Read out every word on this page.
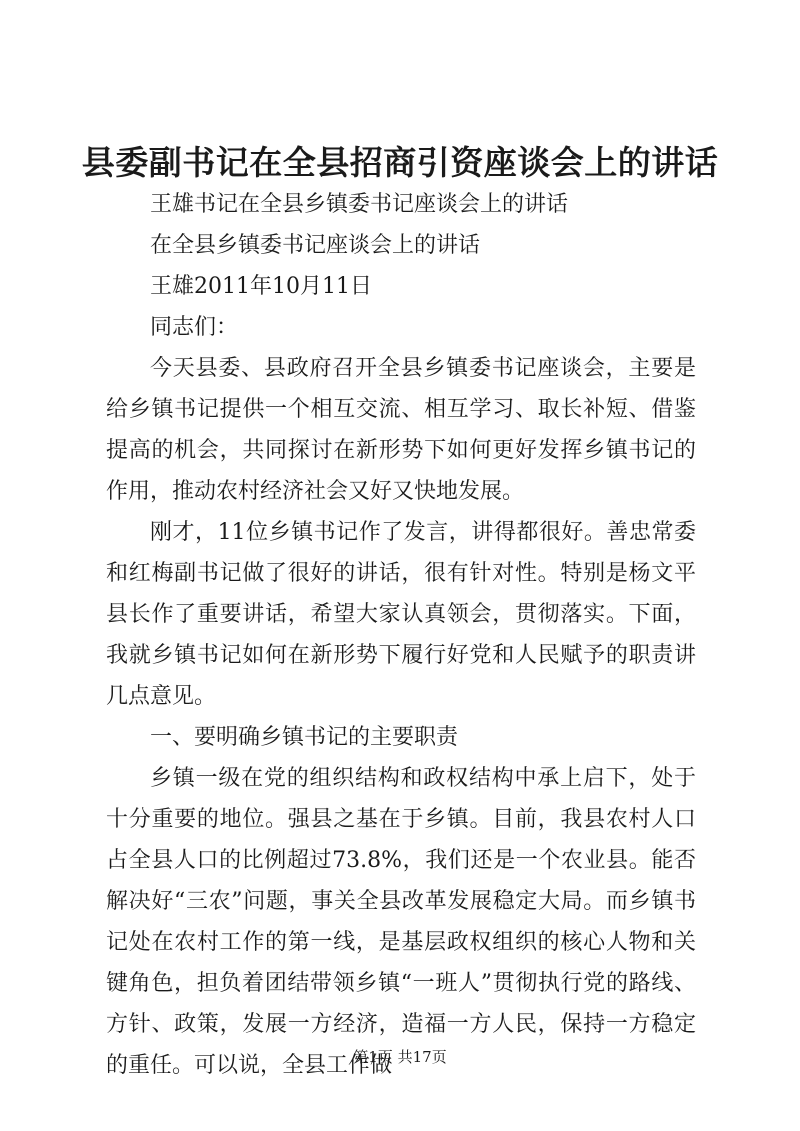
县委副书记在全县招商引资座谈会上的讲话

王雄书记在全县乡镇委书记座谈会上的讲话

在全县乡镇委书记座谈会上的讲话

王雄2011年10月11日

同志们：

今天县委、县政府召开全县乡镇委书记座谈会，主要是给乡镇书记提供一个相互交流、相互学习、取长补短、借鉴提高的机会，共同探讨在新形势下如何更好发挥乡镇书记的作用，推动农村经济社会又好又快地发展。

刚才，11位乡镇书记作了发言，讲得都很好。善忠常委和红梅副书记做了很好的讲话，很有针对性。特别是杨文平县长作了重要讲话，希望大家认真领会，贯彻落实。下面，我就乡镇书记如何在新形势下履行好党和人民赋予的职责讲几点意见。

一、要明确乡镇书记的主要职责

乡镇一级在党的组织结构和政权结构中承上启下，处于十分重要的地位。强县之基在于乡镇。目前，我县农村人口占全县人口的比例超过73.8%，我们还是一个农业县。能否解决好“三农”问题，事关全县改革发展稳定大局。而乡镇书记处在农村工作的第一线，是基层政权组织的核心人物和关键角色，担负着团结带领乡镇“一班人”贯彻执行党的路线、方针、政策，发展一方经济，造福一方人民，保持一方稳定的重任。可以说，全县工作做

第1页 共17页
